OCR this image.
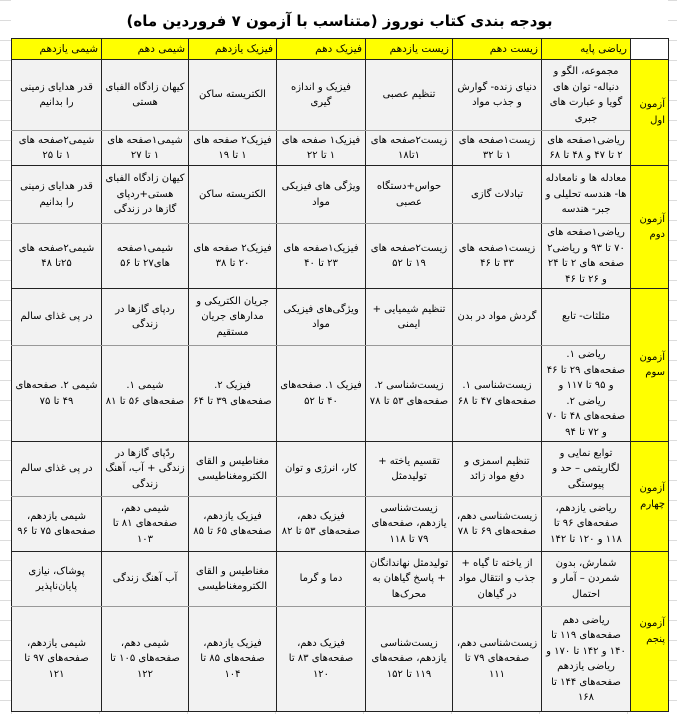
بودجه بندی کتاب نوروز (متناسب با آزمون ۷ فروردین ماه)
	ریاضی پایه	زیست دهم	زیست یازدهم	فیزیک دهم	فیزیک یازدهم	شیمی دهم	شیمی یازدهم
آزمون اول	مجموعه، الگو و دنباله- توان های گویا و عبارت های جبری	دنیای زنده- گوارش و جذب مواد	تنظیم عصبی	فیزیک و اندازه گیری	الکتریسته ساکن	کیهان زادگاه الفبای هستی	قدر هدایای زمینی را بدانیم
	ریاضی۱صفحه های ۲ تا ۴۷ و ۴۸ تا ۶۸	زیست۱صفحه های ۱ تا ۳۲	زیست۲صفحه های ۱تا۱۸	فیزیک۱ صفحه های ۱ تا ۲۲	فیزیک۲ صفحه های ۱ تا ۱۹	شیمی۱صفحه های ۱ تا ۲۷	شیمی۲صفحه های ۱ تا ۲۵
آزمون دوم	معادله ها و نامعادله ها- هندسه تحلیلی و جبر- هندسه	تبادلات گازی	حواس+دستگاه عصبی	ویژگی های فیزیکی مواد	الکتریسته ساکن	کیهان زادگاه الفبای هستی+ردپای گازها در زندگی	قدر هدایای زمینی را بدانیم
	ریاضی۱صفحه های ۷۰ تا ۹۳ و ریاضی۲ صفحه های ۲ تا ۲۴ و ۲۶ تا ۴۶	زیست۱صفحه های ۳۳ تا ۴۶	زیست۲صفحه های ۱۹ تا ۵۲	فیزیک۱صفحه های ۲۳ تا ۴۰	فیزیک۲ صفحه های ۲۰ تا ۳۸	شیمی۱صفحه های۲۷ تا ۵۶	شیمی۲صفحه های ۲۵تا ۴۸
آزمون سوم	مثلثات- تابع	گردش مواد در بدن	تنظیم شیمیایی + ایمنی	ویژگی‌های فیزیکی مواد	جریان الکتریکی و مدارهای جریان مستقیم	ردپای گازها در زندگی	در پی غذای سالم
	ریاضی ۱. صفحه‌های ۲۹ تا ۴۶ و ۹۵ تا ۱۱۷ و ریاضی ۲. صفحه‌های ۴۸ تا ۷۰ و ۷۲ تا ۹۴	زیست‌شناسی ۱. صفحه‌های ۴۷ تا ۶۸	زیست‌شناسی ۲. صفحه‌های ۵۳ تا ۷۸	فیزیک ۱. صفحه‌های ۴۰ تا ۵۲	فیزیک ۲. صفحه‌های ۳۹ تا ۶۴	شیمی ۱. صفحه‌های ۵۶ تا ۸۱	شیمی ۲. صفحه‌های ۴۹ تا ۷۵
آزمون چهارم	توابع نمایی و لگاریتمی – حد و پیوستگی	تنظیم اسمزی و دفع مواد زائد	تقسیم یاخته + تولیدمثل	کار، انرژی و توان	مغناطیس و القای الکترومغناطیسی	ردّپای گازها در زندگی + آب، آهنگ زندگی	در پی غذای سالم
	ریاضی یازدهم، صفحه‌های ۹۶ تا ۱۱۸ و ۱۲۰ تا ۱۴۲	زیست‌شناسی دهم، صفحه‌های ۶۹ تا ۷۸	زیست‌شناسی یازدهم، صفحه‌های ۷۹ تا ۱۱۸	فیزیک دهم، صفحه‌های ۵۳ تا ۸۲	فیزیک یازدهم، صفحه‌های ۶۵ تا ۸۵	شیمی دهم، صفحه‌های ۸۱ تا ۱۰۳	شیمی یازدهم، صفحه‌های ۷۵ تا ۹۶
آزمون پنجم	شمارش، بدون شمردن – آمار و احتمال	از یاخته تا گیاه + جذب و انتقال مواد در گیاهان	تولیدمثل نهاندانگان + پاسخ گیاهان به محرک‌ها	دما و گرما	مغناطیس و القای الکترومغناطیسی	آب آهنگ زندگی	پوشاک، نیازی پایان‌ناپذیر
	ریاضی دهم صفحه‌های ۱۱۹ تا ۱۴۰ و ۱۴۲ تا ۱۷۰ و ریاضی یازدهم صفحه‌های ۱۴۴ تا ۱۶۸	زیست‌شناسی دهم، صفحه‌های ۷۹ تا ۱۱۱	زیست‌شناسی یازدهم، صفحه‌های ۱۱۹ تا ۱۵۲	فیزیک دهم، صفحه‌های ۸۳ تا ۱۲۰	فیزیک یازدهم، صفحه‌های ۸۵ تا ۱۰۴	شیمی دهم، صفحه‌های ۱۰۵ تا ۱۲۲	شیمی یازدهم، صفحه‌های ۹۷ تا ۱۲۱
